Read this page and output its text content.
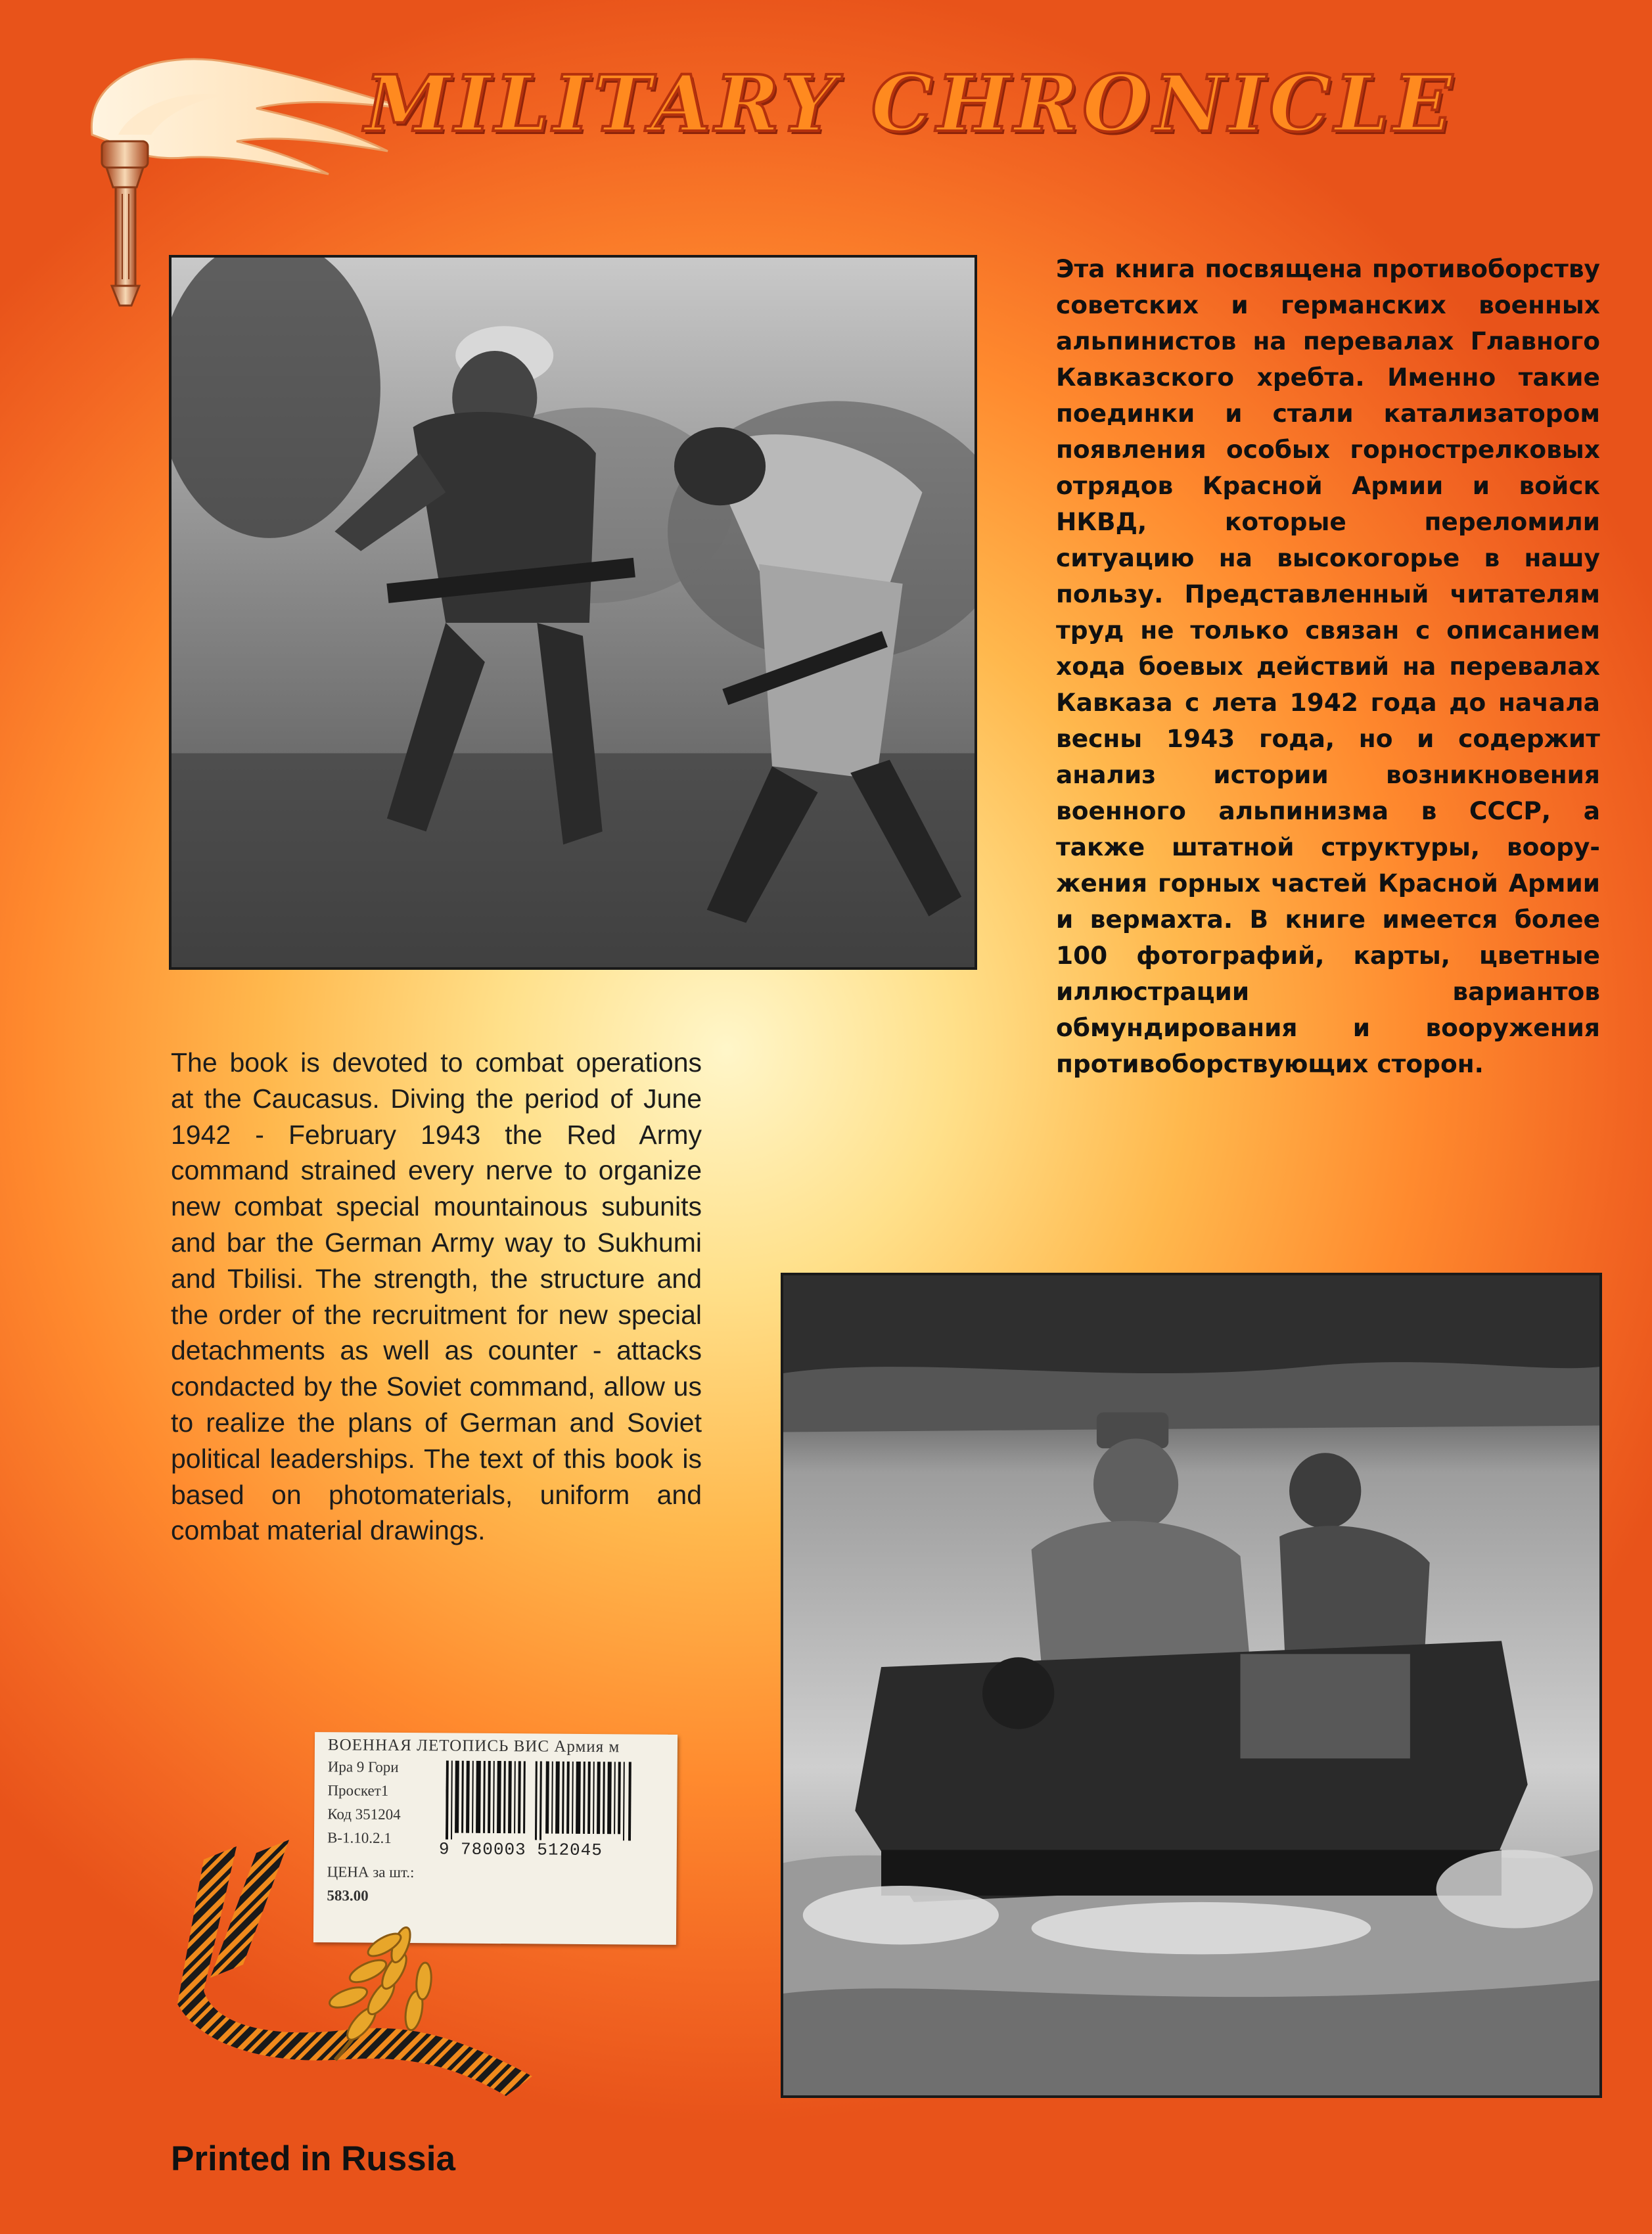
MILITARY CHRONICLE
Эта книга посвящена противоборству советских и германских военных альпинистов на перевалах Главного Кавказского хребта. Именно такие поединки и стали катализатором появления особых горнострелковых отрядов Красной Армии и войск НКВД, которые переломили ситуацию на высокогорье в нашу пользу. Представленный читателям труд не только связан с описанием хода боевых действий на перевалах Кавказа с лета 1942 года до начала весны 1943 года, но и содержит анализ истории возникновения военного альпинизма в СССР, а также штатной структуры, вооружения горных частей Красной Армии и вермахта. В книге имеется более 100 фотографий, карты, цветные иллюстрации вариантов обмундирования и вооружения противоборствующих сторон.
The book is devoted to combat operations at the Caucasus. Diving the period of June 1942 - February 1943 the Red Army command strained every nerve to organize new combat special mountainous subunits and bar the German Army way to Sukhumi and Tbilisi. The strength, the structure and the order of the recruitment for new special detachments as well as counter - attacks condacted by the Soviet command, allow us to realize the plans of German and Soviet political leaderships. The text of this book is based on photomaterials, uniform and combat material drawings.
ВОЕННАЯ ЛЕТОПИСЬ ВИС Армия м
Ира 9 Гори
Проскет1
Код 351204
В-1.10.2.1
ЦЕНА за шт.:
583.00
9 780003 512045
Printed in Russia
